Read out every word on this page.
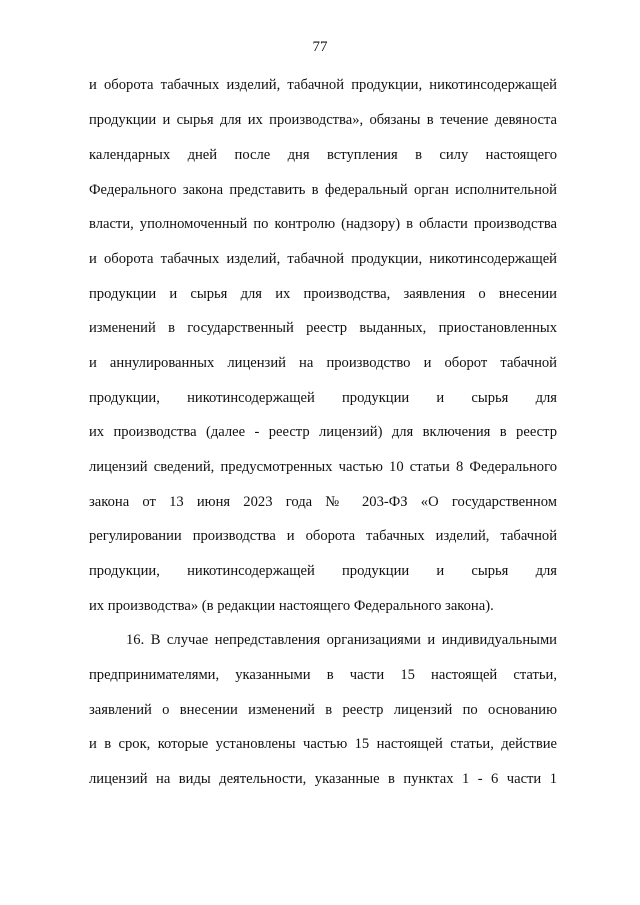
77
и оборота табачных изделий, табачной продукции, никотинсодержащей
продукции и сырья для их производства», обязаны в течение девяноста
календарных дней после дня вступления в силу настоящего
Федерального закона представить в федеральный орган исполнительной
власти, уполномоченный по контролю (надзору) в области производства
и оборота табачных изделий, табачной продукции, никотинсодержащей
продукции и сырья для их производства, заявления о внесении
изменений в государственный реестр выданных, приостановленных
и аннулированных лицензий на производство и оборот табачной
продукции, никотинсодержащей продукции и сырья для
их производства (далее - реестр лицензий) для включения в реестр
лицензий сведений, предусмотренных частью 10 статьи 8 Федерального
закона от 13 июня 2023 года № 203-ФЗ «О государственном
регулировании производства и оборота табачных изделий, табачной
продукции, никотинсодержащей продукции и сырья для
их производства» (в редакции настоящего Федерального закона).
16. В случае непредставления организациями и индивидуальными
предпринимателями, указанными в части 15 настоящей статьи,
заявлений о внесении изменений в реестр лицензий по основанию
и в срок, которые установлены частью 15 настоящей статьи, действие
лицензий на виды деятельности, указанные в пунктах 1 - 6 части 1
